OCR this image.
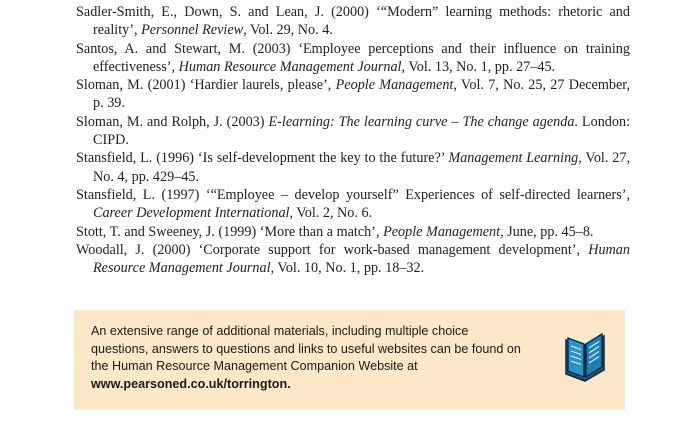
Sadler-Smith, E., Down, S. and Lean, J. (2000) ‘“Modern” learning methods: rhetoric and reality’, Personnel Review, Vol. 29, No. 4.

Santos, A. and Stewart, M. (2003) ‘Employee perceptions and their influence on training effectiveness’, Human Resource Management Journal, Vol. 13, No. 1, pp. 27–45.

Sloman, M. (2001) ‘Hardier laurels, please’, People Management, Vol. 7, No. 25, 27 December, p. 39.

Sloman, M. and Rolph, J. (2003) E-learning: The learning curve – The change agenda. London: CIPD.

Stansfield, L. (1996) ‘Is self-development the key to the future?’ Management Learning, Vol. 27, No. 4, pp. 429–45.

Stansfield, L. (1997) ‘“Employee – develop yourself” Experiences of self-directed learners’, Career Development International, Vol. 2, No. 6.

Stott, T. and Sweeney, J. (1999) ‘More than a match’, People Management, June, pp. 45–8.

Woodall, J. (2000) ‘Corporate support for work-based management development’, Human Resource Management Journal, Vol. 10, No. 1, pp. 18–32.

An extensive range of additional materials, including multiple choice questions, answers to questions and links to useful websites can be found on the Human Resource Management Companion Website at www.pearsoned.co.uk/torrington.
